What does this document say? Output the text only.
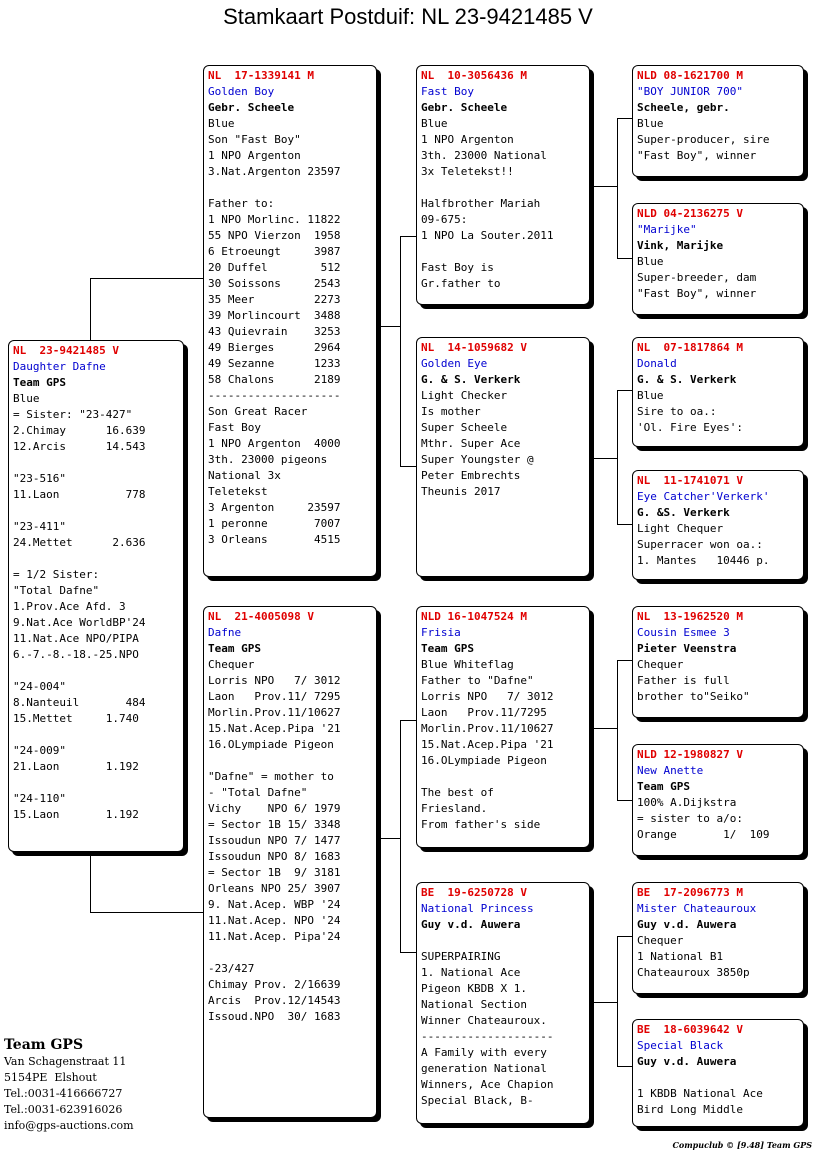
Stamkaart Postduif: NL 23-9421485 V
NL  23-9421485 V
Daughter Dafne
Team GPS
Blue
= Sister: "23-427"
2.Chimay      16.639
12.Arcis      14.543

"23-516"
11.Laon          778

"23-411"
24.Mettet      2.636

= 1/2 Sister:
"Total Dafne"
1.Prov.Ace Afd. 3
9.Nat.Ace WorldBP'24
11.Nat.Ace NPO/PIPA
6.-7.-8.-18.-25.NPO

"24-004"
8.Nanteuil       484
15.Mettet     1.740

"24-009"
21.Laon       1.192

"24-110"
15.Laon       1.192
NL  17-1339141 M
Golden Boy
Gebr. Scheele
Blue
Son "Fast Boy"
1 NPO Argenton
3.Nat.Argenton 23597

Father to:
1 NPO Morlinc. 11822
55 NPO Vierzon  1958
6 Etroeungt     3987
20 Duffel        512
30 Soissons     2543
35 Meer         2273
39 Morlincourt  3488
43 Quievrain    3253
49 Bierges      2964
49 Sezanne      1233
58 Chalons      2189
--------------------
Son Great Racer
Fast Boy
1 NPO Argenton  4000
3th. 23000 pigeons
National 3x
Teletekst
3 Argenton     23597
1 peronne       7007
3 Orleans       4515
NL  21-4005098 V
Dafne
Team GPS
Chequer
Lorris NPO   7/ 3012
Laon   Prov.11/ 7295
Morlin.Prov.11/10627
15.Nat.Acep.Pipa '21
16.OLympiade Pigeon

"Dafne" = mother to
- "Total Dafne"
Vichy    NPO 6/ 1979
= Sector 1B 15/ 3348
Issoudun NPO 7/ 1477
Issoudun NPO 8/ 1683
= Sector 1B  9/ 3181
Orleans NPO 25/ 3907
9. Nat.Acep. WBP '24
11.Nat.Acep. NPO '24
11.Nat.Acep. Pipa'24

-23/427
Chimay Prov. 2/16639
Arcis  Prov.12/14543
Issoud.NPO  30/ 1683
NL  10-3056436 M
Fast Boy
Gebr. Scheele
Blue
1 NPO Argenton
3th. 23000 National
3x Teletekst!!

Halfbrother Mariah
09-675:
1 NPO La Souter.2011

Fast Boy is
Gr.father to
NL  14-1059682 V
Golden Eye
G. & S. Verkerk
Light Checker
Is mother
Super Scheele
Mthr. Super Ace
Super Youngster @
Peter Embrechts
Theunis 2017
NLD 16-1047524 M
Frisia
Team GPS
Blue Whiteflag
Father to "Dafne"
Lorris NPO   7/ 3012
Laon   Prov.11/7295
Morlin.Prov.11/10627
15.Nat.Acep.Pipa '21
16.OLympiade Pigeon

The best of
Friesland.
From father's side
BE  19-6250728 V
National Princess
Guy v.d. Auwera

SUPERPAIRING
1. National Ace
Pigeon KBDB X 1.
National Section
Winner Chateauroux.
--------------------
A Family with every
generation National
Winners, Ace Chapion
Special Black, B-
NLD 08-1621700 M
"BOY JUNIOR 700"
Scheele, gebr.
Blue
Super-producer, sire
"Fast Boy", winner
NLD 04-2136275 V
"Marijke"
Vink, Marijke
Blue
Super-breeder, dam
"Fast Boy", winner
NL  07-1817864 M
Donald
G. & S. Verkerk
Blue
Sire to oa.:
'Ol. Fire Eyes':
NL  11-1741071 V
Eye Catcher'Verkerk'
G. &S. Verkerk
Light Chequer
Superracer won oa.:
1. Mantes   10446 p.
NL  13-1962520 M
Cousin Esmee 3
Pieter Veenstra
Chequer
Father is full
brother to"Seiko"
NLD 12-1980827 V
New Anette
Team GPS
100% A.Dijkstra
= sister to a/o:
Orange       1/  109
BE  17-2096773 M
Mister Chateauroux
Guy v.d. Auwera
Chequer
1 National B1
Chateauroux 3850p
BE  18-6039642 V
Special Black
Guy v.d. Auwera

1 KBDB National Ace
Bird Long Middle
Team GPS
Van Schagenstraat 11
5154PE  Elshout
Tel.:0031-416666727
Tel.:0031-623916026
info@gps-auctions.com
Compuclub © [9.48] Team GPS
